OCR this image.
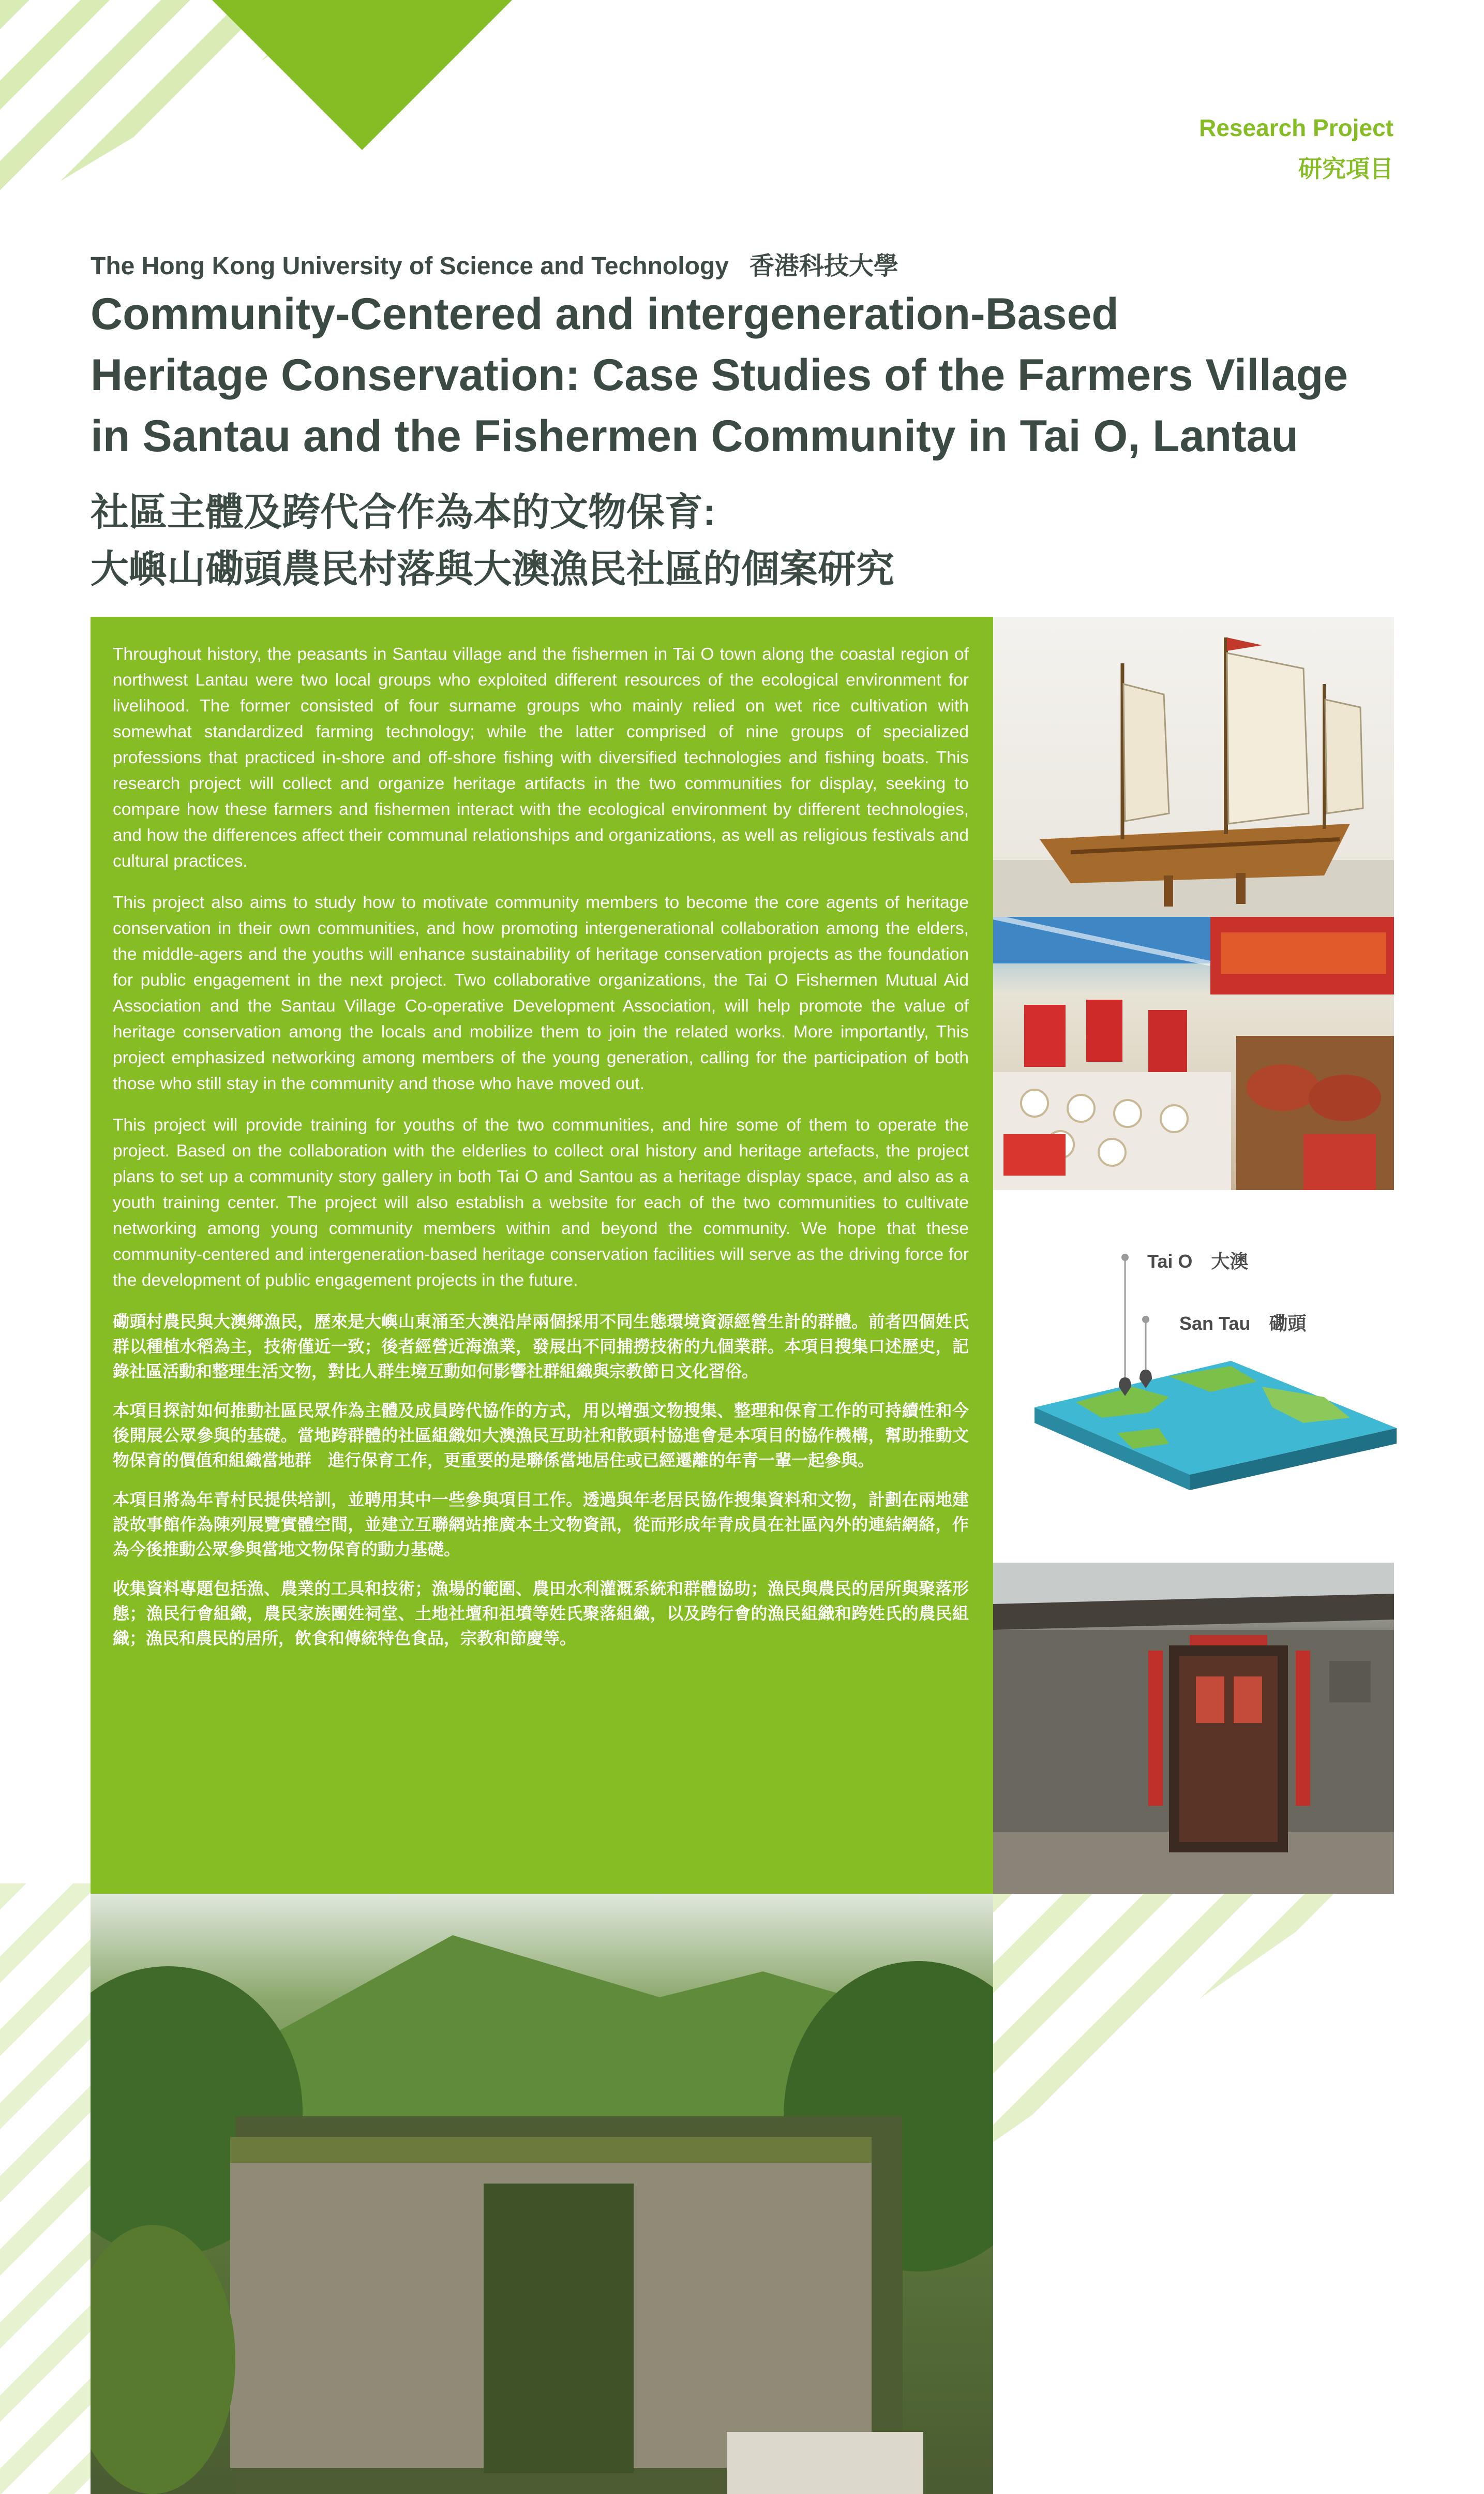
Research Project
研究項目
The Hong Kong University of Science and Technology 香港科技大學
Community-Centered and intergeneration-Based
Heritage Conservation: Case Studies of the Farmers Village
in Santau and the Fishermen Community in Tai O, Lantau
社區主體及跨代合作為本的文物保育:
大嶼山磡頭農民村落與大澳漁民社區的個案研究

Throughout history, the peasants in Santau village and the fishermen in Tai O town along the coastal region of northwest Lantau were two local groups who exploited different resources of the ecological environment for livelihood. The former consisted of four surname groups who mainly relied on wet rice cultivation with somewhat standardized farming technology; while the latter comprised of nine groups of specialized professions that practiced in-shore and off-shore fishing with diversified technologies and fishing boats. This research project will collect and organize heritage artifacts in the two communities for display, seeking to compare how these farmers and fishermen interact with the ecological environment by different technologies, and how the differences affect their communal relationships and organizations, as well as religious festivals and cultural practices.

This project also aims to study how to motivate community members to become the core agents of heritage conservation in their own communities, and how promoting intergenerational collaboration among the elders, the middle-agers and the youths will enhance sustainability of heritage conservation projects as the foundation for public engagement in the next project. Two collaborative organizations, the Tai O Fishermen Mutual Aid Association and the Santau Village Co-operative Development Association, will help promote the value of heritage conservation among the locals and mobilize them to join the related works. More importantly, This project emphasized networking among members of the young generation, calling for the participation of both those who still stay in the community and those who have moved out.

This project will provide training for youths of the two communities, and hire some of them to operate the project. Based on the collaboration with the elderlies to collect oral history and heritage artefacts, the project plans to set up a community story gallery in both Tai O and Santou as a heritage display space, and also as a youth training center. The project will also establish a website for each of the two communities to cultivate networking among young community members within and beyond the community. We hope that these community-centered and intergeneration-based heritage conservation facilities will serve as the driving force for the development of public engagement projects in the future.

磡頭村農民與大澳鄉漁民，歷來是大嶼山東涌至大澳沿岸兩個採用不同生態環境資源經營生計的群體。前者四個姓氏群以種植水稻為主，技術僅近一致；後者經營近海漁業，發展出不同捕撈技術的九個業群。本項目搜集口述歷史，記錄社區活動和整理生活文物，對比人群生境互動如何影響社群組織與宗教節日文化習俗。

本項目探討如何推動社區民眾作為主體及成員跨代協作的方式，用以增强文物搜集、整理和保育工作的可持續性和今後開展公眾參與的基礎。當地跨群體的社區組織如大澳漁民互助社和散頭村協進會是本項目的協作機構，幫助推動文物保育的價值和組織當地群　進行保育工作，更重要的是聯係當地居住或已經遷離的年青一輩一起參與。

本項目將為年青村民提供培訓，並聘用其中一些參與項目工作。透過與年老居民協作搜集資料和文物，計劃在兩地建設故事館作為陳列展覽實體空間，並建立互聯網站推廣本土文物資訊，從而形成年青成員在社區內外的連結網絡，作為今後推動公眾參與當地文物保育的動力基礎。

收集資料專題包括漁、農業的工具和技術；漁場的範圍、農田水利灌溉系統和群體協助；漁民與農民的居所與聚落形態；漁民行會組織，農民家族團姓祠堂、土地社壇和祖墳等姓氏聚落組織，以及跨行會的漁民組織和跨姓氏的農民組織；漁民和農民的居所，飲食和傳統特色食品，宗教和節慶等。

Tai O　大澳
San Tau　磡頭
